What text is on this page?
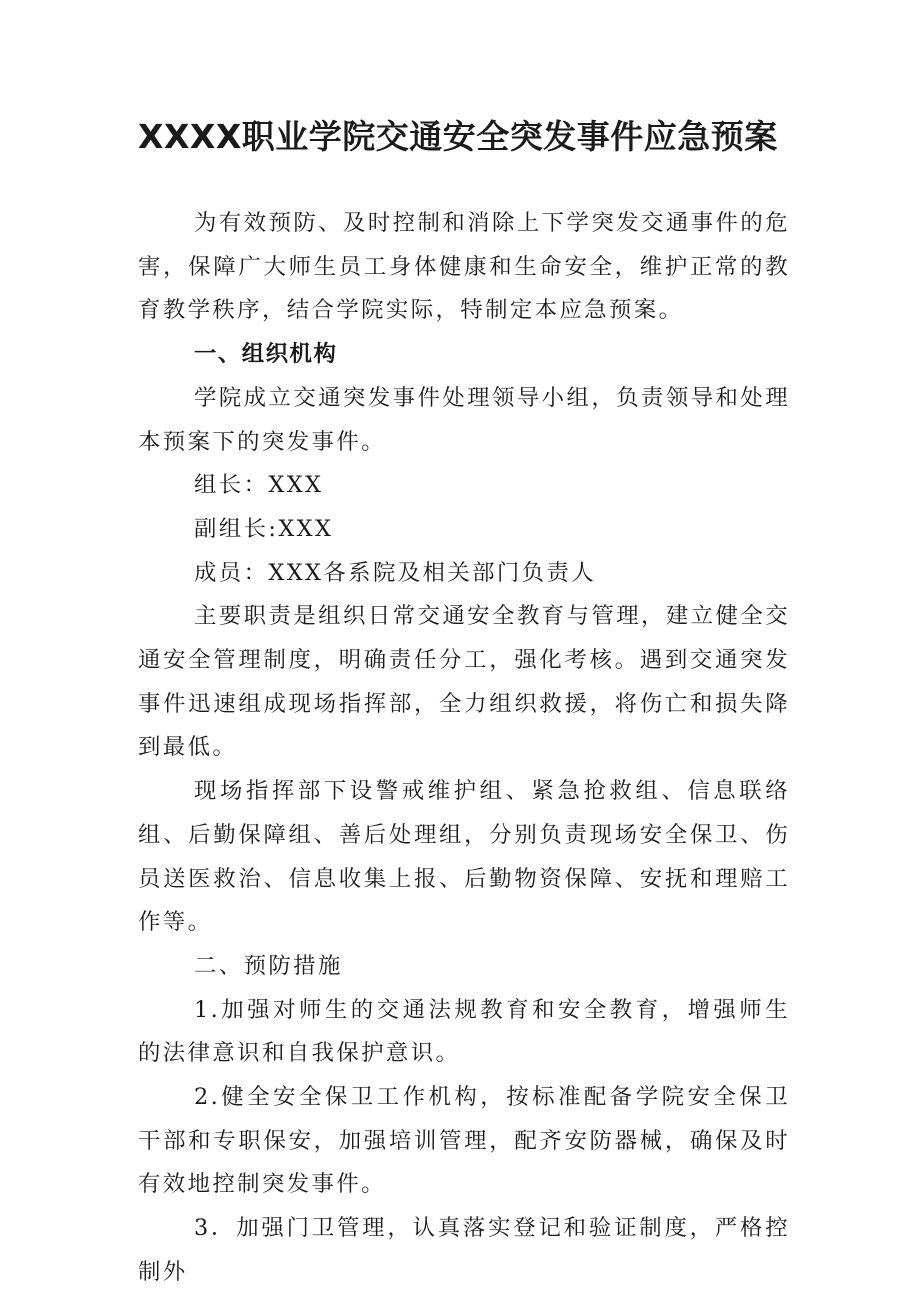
XXXX职业学院交通安全突发事件应急预案

为有效预防、及时控制和消除上下学突发交通事件的危害，保障广大师生员工身体健康和生命安全，维护正常的教育教学秩序，结合学院实际，特制定本应急预案。

一、组织机构

学院成立交通突发事件处理领导小组，负责领导和处理本预案下的突发事件。

组长：XXX

副组长:XXX

成员：XXX各系院及相关部门负责人

主要职责是组织日常交通安全教育与管理，建立健全交通安全管理制度，明确责任分工，强化考核。遇到交通突发事件迅速组成现场指挥部，全力组织救援，将伤亡和损失降到最低。

现场指挥部下设警戒维护组、紧急抢救组、信息联络组、后勤保障组、善后处理组，分别负责现场安全保卫、伤员送医救治、信息收集上报、后勤物资保障、安抚和理赔工作等。

二、预防措施

1.加强对师生的交通法规教育和安全教育，增强师生的法律意识和自我保护意识。

2.健全安全保卫工作机构，按标准配备学院安全保卫干部和专职保安，加强培训管理，配齐安防器械，确保及时有效地控制突发事件。

3．加强门卫管理，认真落实登记和验证制度，严格控制外
